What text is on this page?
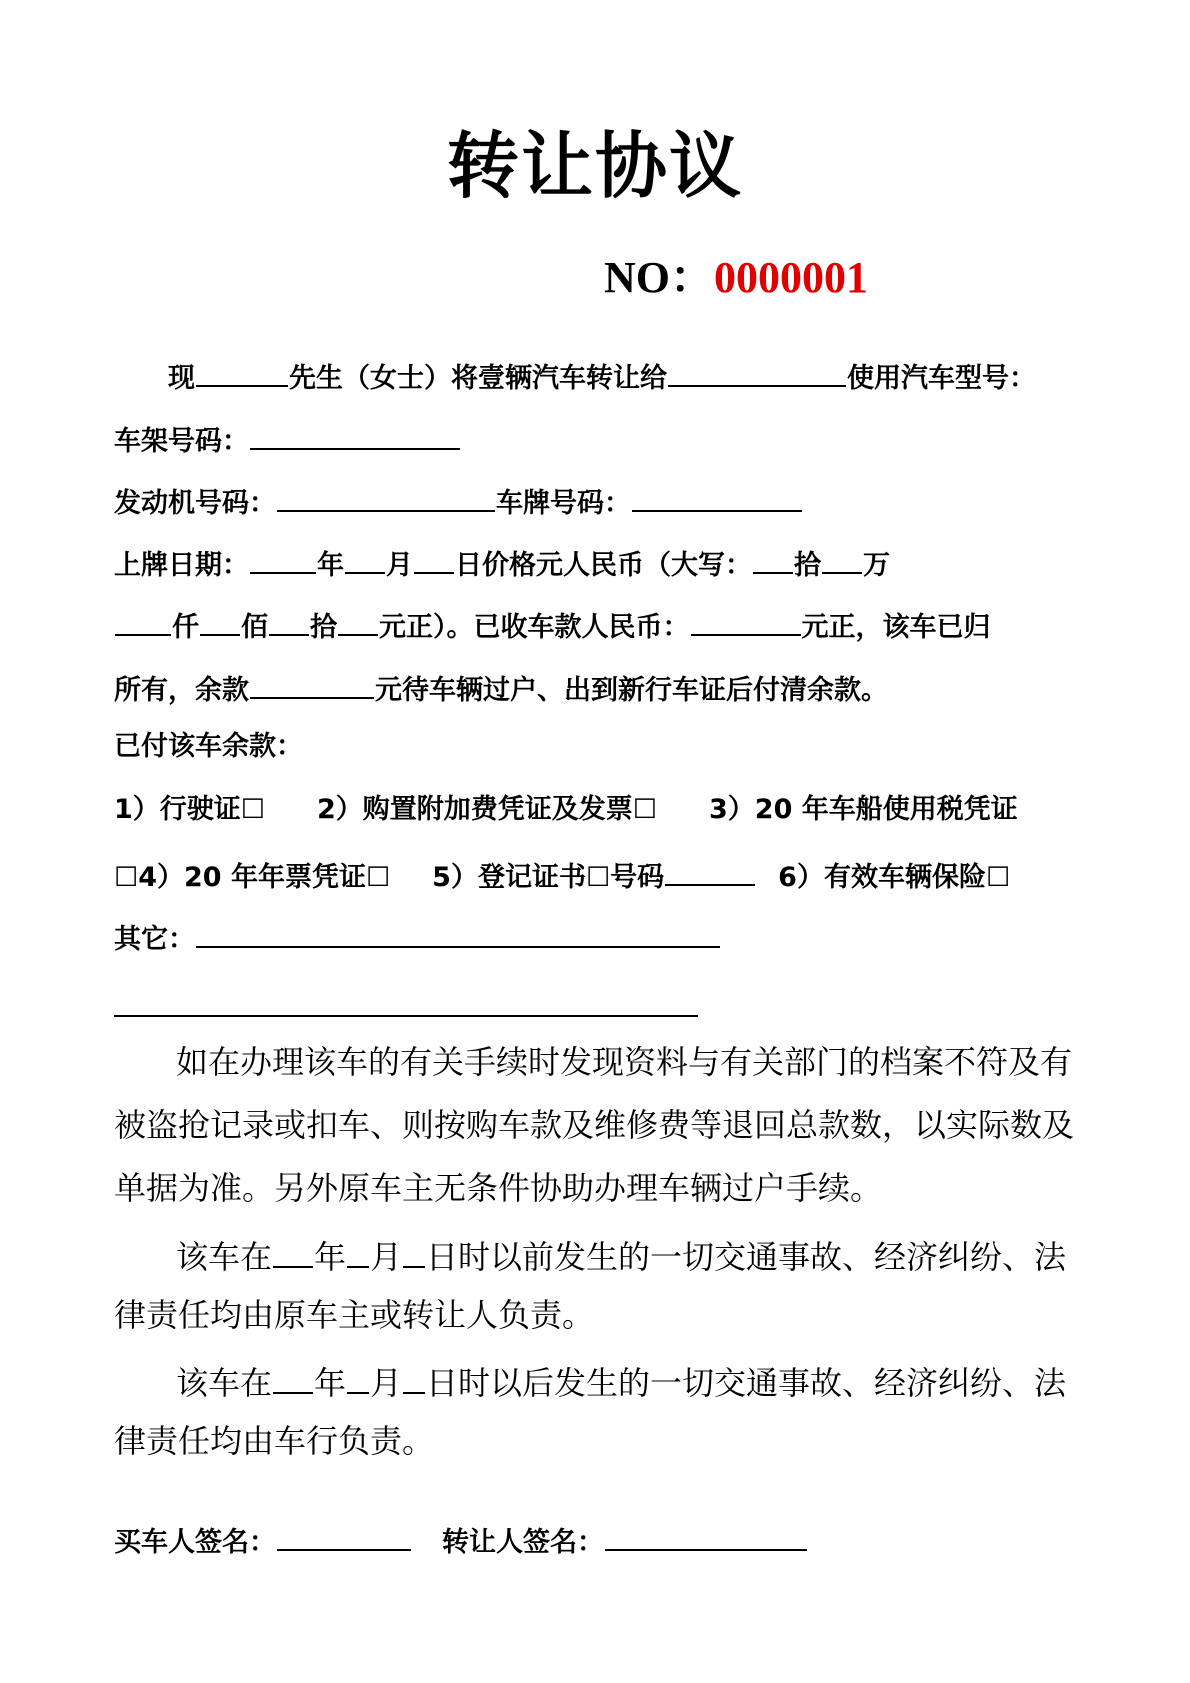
转让协议
NO：0000001
现	先生（女士）将壹辆汽车转让给	使用汽车型号：
车架号码：
发动机号码：	车牌号码：
上牌日期：	年 月 日价格元人民币（大写： 拾 万
仟 佰 拾 元正）。已收车款人民币：	元正，该车已归
所有，余款	元待车辆过户、出到新行车证后付清余款。
已付该车余款：
1）行驶证☐ 2）购置附加费凭证及发票☐ 3）20 年车船使用税凭证
☐4）20 年年票凭证☐ 5）登记证书☐号码	6）有效车辆保险☐
其它：
如在办理该车的有关手续时发现资料与有关部门的档案不符及有
被盗抢记录或扣车、则按购车款及维修费等退回总款数，以实际数及
单据为准。另外原车主无条件协助办理车辆过户手续。
该车在 年 月 日时以前发生的一切交通事故、经济纠纷、法
律责任均由原车主或转让人负责。
该车在 年 月 日时以后发生的一切交通事故、经济纠纷、法
律责任均由车行负责。
买车人签名：	转让人签名：
